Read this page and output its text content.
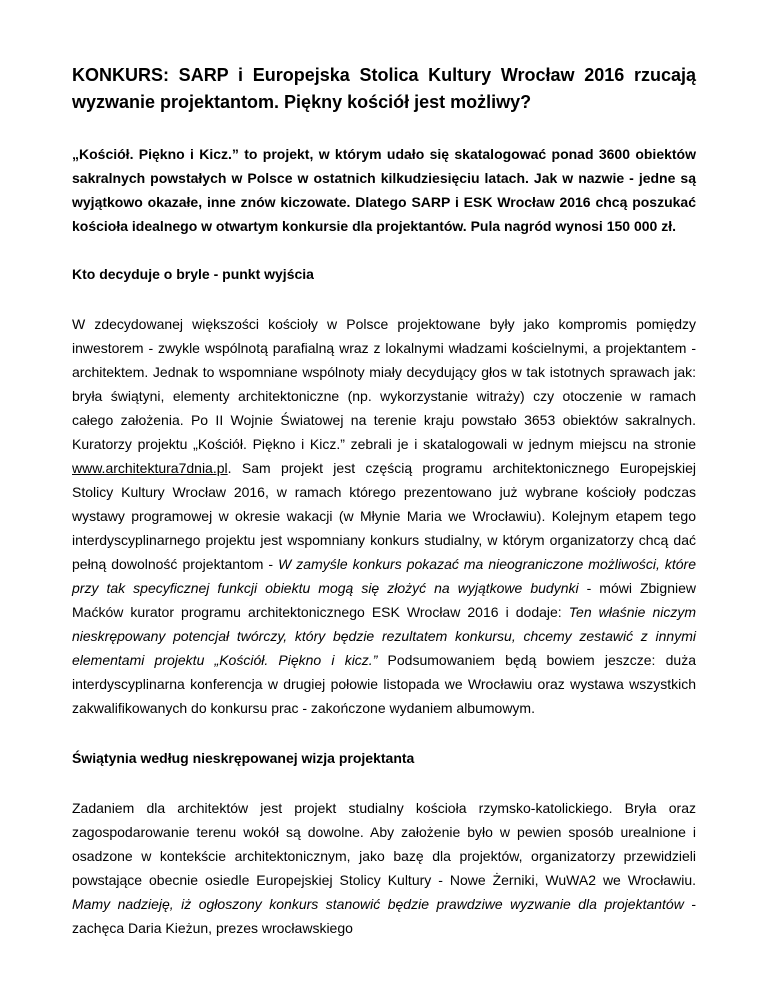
KONKURS: SARP i Europejska Stolica Kultury Wrocław 2016 rzucają wyzwanie projektantom. Piękny kościół jest możliwy?

„Kościół. Piękno i Kicz.” to projekt, w którym udało się skatalogować ponad 3600 obiektów sakralnych powstałych w Polsce w ostatnich kilkudziesięciu latach. Jak w nazwie - jedne są wyjątkowo okazałe, inne znów kiczowate. Dlatego SARP i ESK Wrocław 2016 chcą poszukać kościoła idealnego w otwartym konkursie dla projektantów. Pula nagród wynosi 150 000 zł.

Kto decyduje o bryle - punkt wyjścia

W zdecydowanej większości kościoły w Polsce projektowane były jako kompromis pomiędzy inwestorem - zwykle wspólnotą parafialną wraz z lokalnymi władzami kościelnymi, a projektantem - architektem. Jednak to wspomniane wspólnoty miały decydujący głos w tak istotnych sprawach jak: bryła świątyni, elementy architektoniczne (np. wykorzystanie witraży) czy otoczenie w ramach całego założenia. Po II Wojnie Światowej na terenie kraju powstało 3653 obiektów sakralnych. Kuratorzy projektu „Kościół. Piękno i Kicz.” zebrali je i skatalogowali w jednym miejscu na stronie www.architektura7dnia.pl. Sam projekt jest częścią programu architektonicznego Europejskiej Stolicy Kultury Wrocław 2016, w ramach którego prezentowano już wybrane kościoły podczas wystawy programowej w okresie wakacji (w Młynie Maria we Wrocławiu). Kolejnym etapem tego interdyscyplinarnego projektu jest wspomniany konkurs studialny, w którym organizatorzy chcą dać pełną dowolność projektantom - W zamyśle konkurs pokazać ma nieograniczone możliwości, które przy tak specyficznej funkcji obiektu mogą się złożyć na wyjątkowe budynki - mówi Zbigniew Maćków kurator programu architektonicznego ESK Wrocław 2016 i dodaje: Ten właśnie niczym nieskrępowany potencjał twórczy, który będzie rezultatem konkursu, chcemy zestawić z innymi elementami projektu „Kościół. Piękno i kicz.” Podsumowaniem będą bowiem jeszcze: duża interdyscyplinarna konferencja w drugiej połowie listopada we Wrocławiu oraz wystawa wszystkich zakwalifikowanych do konkursu prac - zakończone wydaniem albumowym.

Świątynia według nieskrępowanej wizja projektanta

Zadaniem dla architektów jest projekt studialny kościoła rzymsko-katolickiego. Bryła oraz zagospodarowanie terenu wokół są dowolne. Aby założenie było w pewien sposób urealnione i osadzone w kontekście architektonicznym, jako bazę dla projektów, organizatorzy przewidzieli powstające obecnie osiedle Europejskiej Stolicy Kultury - Nowe Żerniki, WuWA2 we Wrocławiu. Mamy nadzieję, iż ogłoszony konkurs stanowić będzie prawdziwe wyzwanie dla projektantów - zachęca Daria Kieżun, prezes wrocławskiego
